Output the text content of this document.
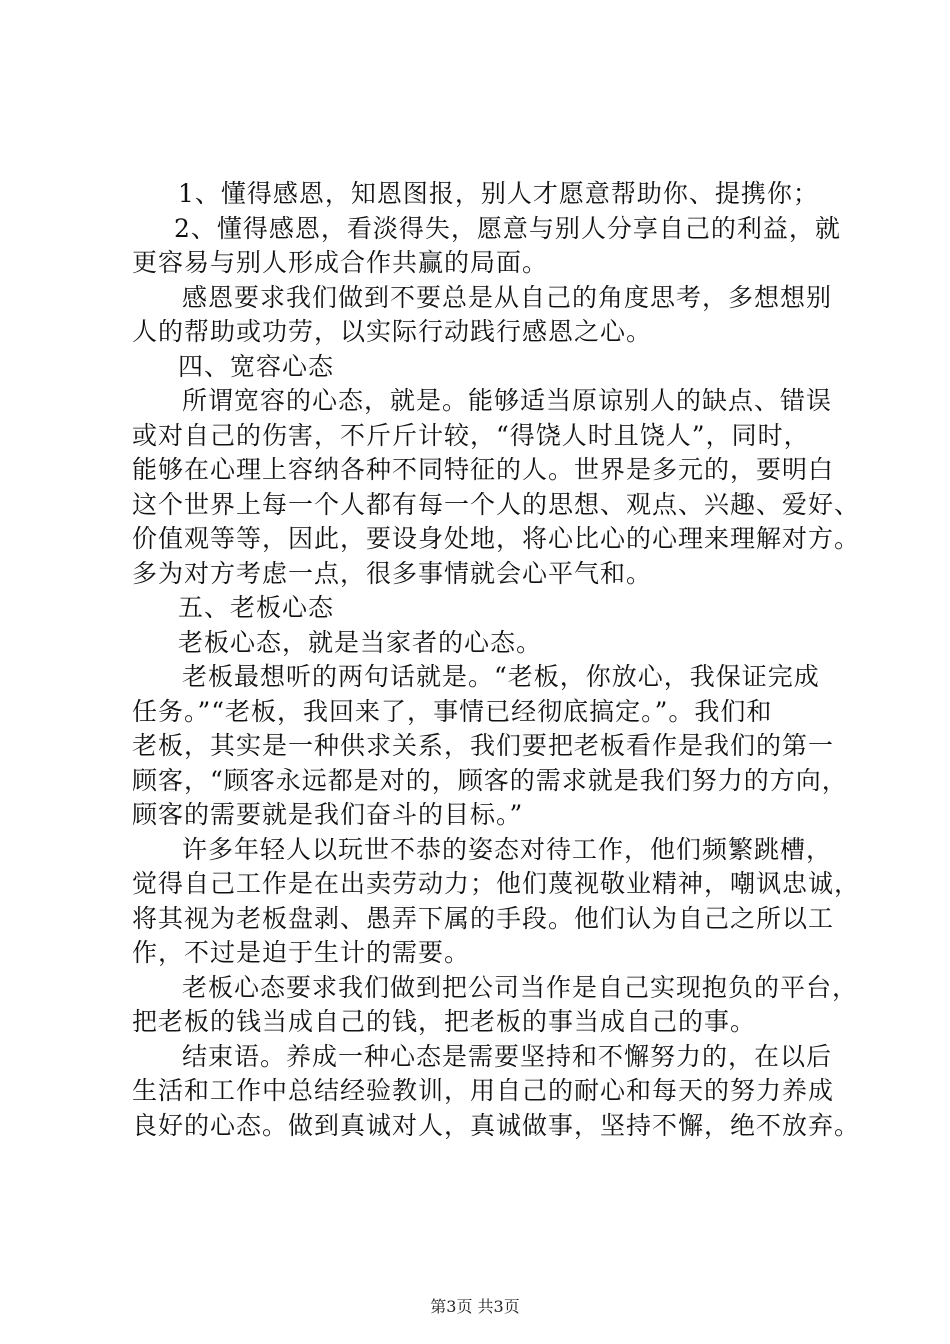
1、懂得感恩，知恩图报，别人才愿意帮助你、提携你；
2、懂得感恩，看淡得失，愿意与别人分享自己的利益，就
更容易与别人形成合作共赢的局面。
感恩要求我们做到不要总是从自己的角度思考，多想想别
人的帮助或功劳，以实际行动践行感恩之心。
四、宽容心态
所谓宽容的心态，就是。能够适当原谅别人的缺点、错误
或对自己的伤害，不斤斤计较，“得饶人时且饶人”，同时，
能够在心理上容纳各种不同特征的人。世界是多元的，要明白
这个世界上每一个人都有每一个人的思想、观点、兴趣、爱好、
价值观等等，因此，要设身处地，将心比心的心理来理解对方。
多为对方考虑一点，很多事情就会心平气和。
五、老板心态
老板心态，就是当家者的心态。
老板最想听的两句话就是。“老板，你放心，我保证完成
任务。”“老板，我回来了，事情已经彻底搞定。”。我们和
老板，其实是一种供求关系，我们要把老板看作是我们的第一
顾客，“顾客永远都是对的，顾客的需求就是我们努力的方向，
顾客的需要就是我们奋斗的目标。”
许多年轻人以玩世不恭的姿态对待工作，他们频繁跳槽，
觉得自己工作是在出卖劳动力；他们蔑视敬业精神，嘲讽忠诚，
将其视为老板盘剥、愚弄下属的手段。他们认为自己之所以工
作，不过是迫于生计的需要。
老板心态要求我们做到把公司当作是自己实现抱负的平台，
把老板的钱当成自己的钱，把老板的事当成自己的事。
结束语。养成一种心态是需要坚持和不懈努力的，在以后
生活和工作中总结经验教训，用自己的耐心和每天的努力养成
良好的心态。做到真诚对人，真诚做事，坚持不懈，绝不放弃。
第3页 共3页
